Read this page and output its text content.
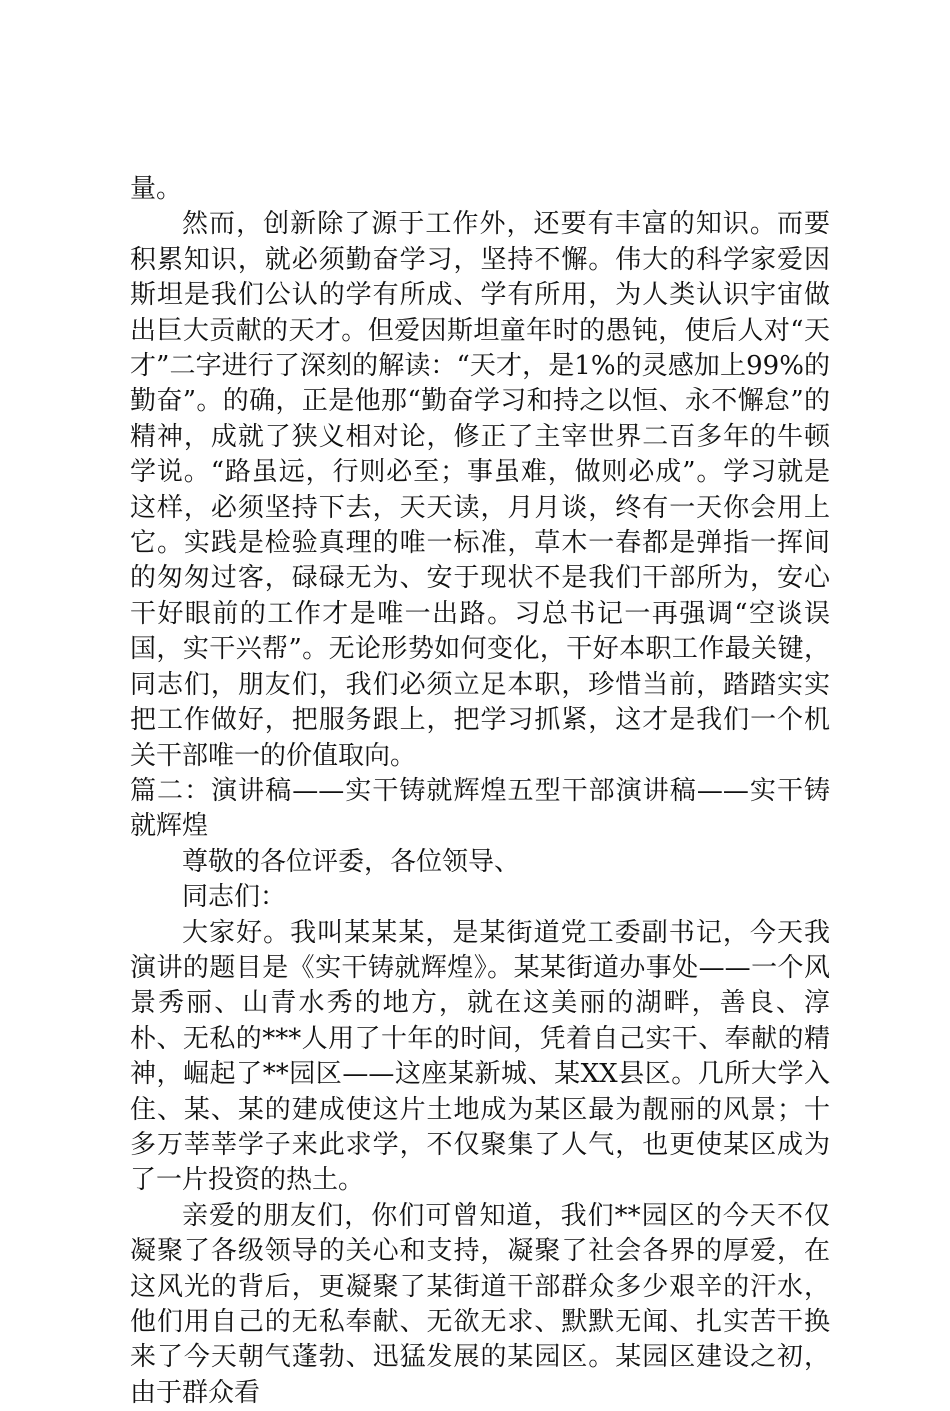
量。

然而，创新除了源于工作外，还要有丰富的知识。而要积累知识，就必须勤奋学习，坚持不懈。伟大的科学家爱因斯坦是我们公认的学有所成、学有所用，为人类认识宇宙做出巨大贡献的天才。但爱因斯坦童年时的愚钝，使后人对“天才”二字进行了深刻的解读：“天才，是1%的灵感加上99%的勤奋”。的确，正是他那“勤奋学习和持之以恒、永不懈怠”的精神，成就了狭义相对论，修正了主宰世界二百多年的牛顿学说。“路虽远，行则必至；事虽难，做则必成”。学习就是这样，必须坚持下去，天天读，月月谈，终有一天你会用上它。实践是检验真理的唯一标准，草木一春都是弹指一挥间的匆匆过客，碌碌无为、安于现状不是我们干部所为，安心干好眼前的工作才是唯一出路。习总书记一再强调“空谈误国，实干兴帮”。无论形势如何变化，干好本职工作最关键，同志们，朋友们，我们必须立足本职，珍惜当前，踏踏实实把工作做好，把服务跟上，把学习抓紧，这才是我们一个机关干部唯一的价值取向。

篇二：演讲稿——实干铸就辉煌五型干部演讲稿——实干铸就辉煌

尊敬的各位评委，各位领导、

同志们：

大家好。我叫某某某，是某街道党工委副书记，今天我演讲的题目是《实干铸就辉煌》。某某街道办事处——一个风景秀丽、山青水秀的地方，就在这美丽的湖畔，善良、淳朴、无私的***人用了十年的时间，凭着自己实干、奉献的精神，崛起了**园区——这座某新城、某XX县区。几所大学入住、某、某的建成使这片土地成为某区最为靓丽的风景；十多万莘莘学子来此求学，不仅聚集了人气，也更使某区成为了一片投资的热土。

亲爱的朋友们，你们可曾知道，我们**园区的今天不仅凝聚了各级领导的关心和支持，凝聚了社会各界的厚爱，在这风光的背后，更凝聚了某街道干部群众多少艰辛的汗水，他们用自己的无私奉献、无欲无求、默默无闻、扎实苦干换来了今天朝气蓬勃、迅猛发展的某园区。某园区建设之初，由于群众看
